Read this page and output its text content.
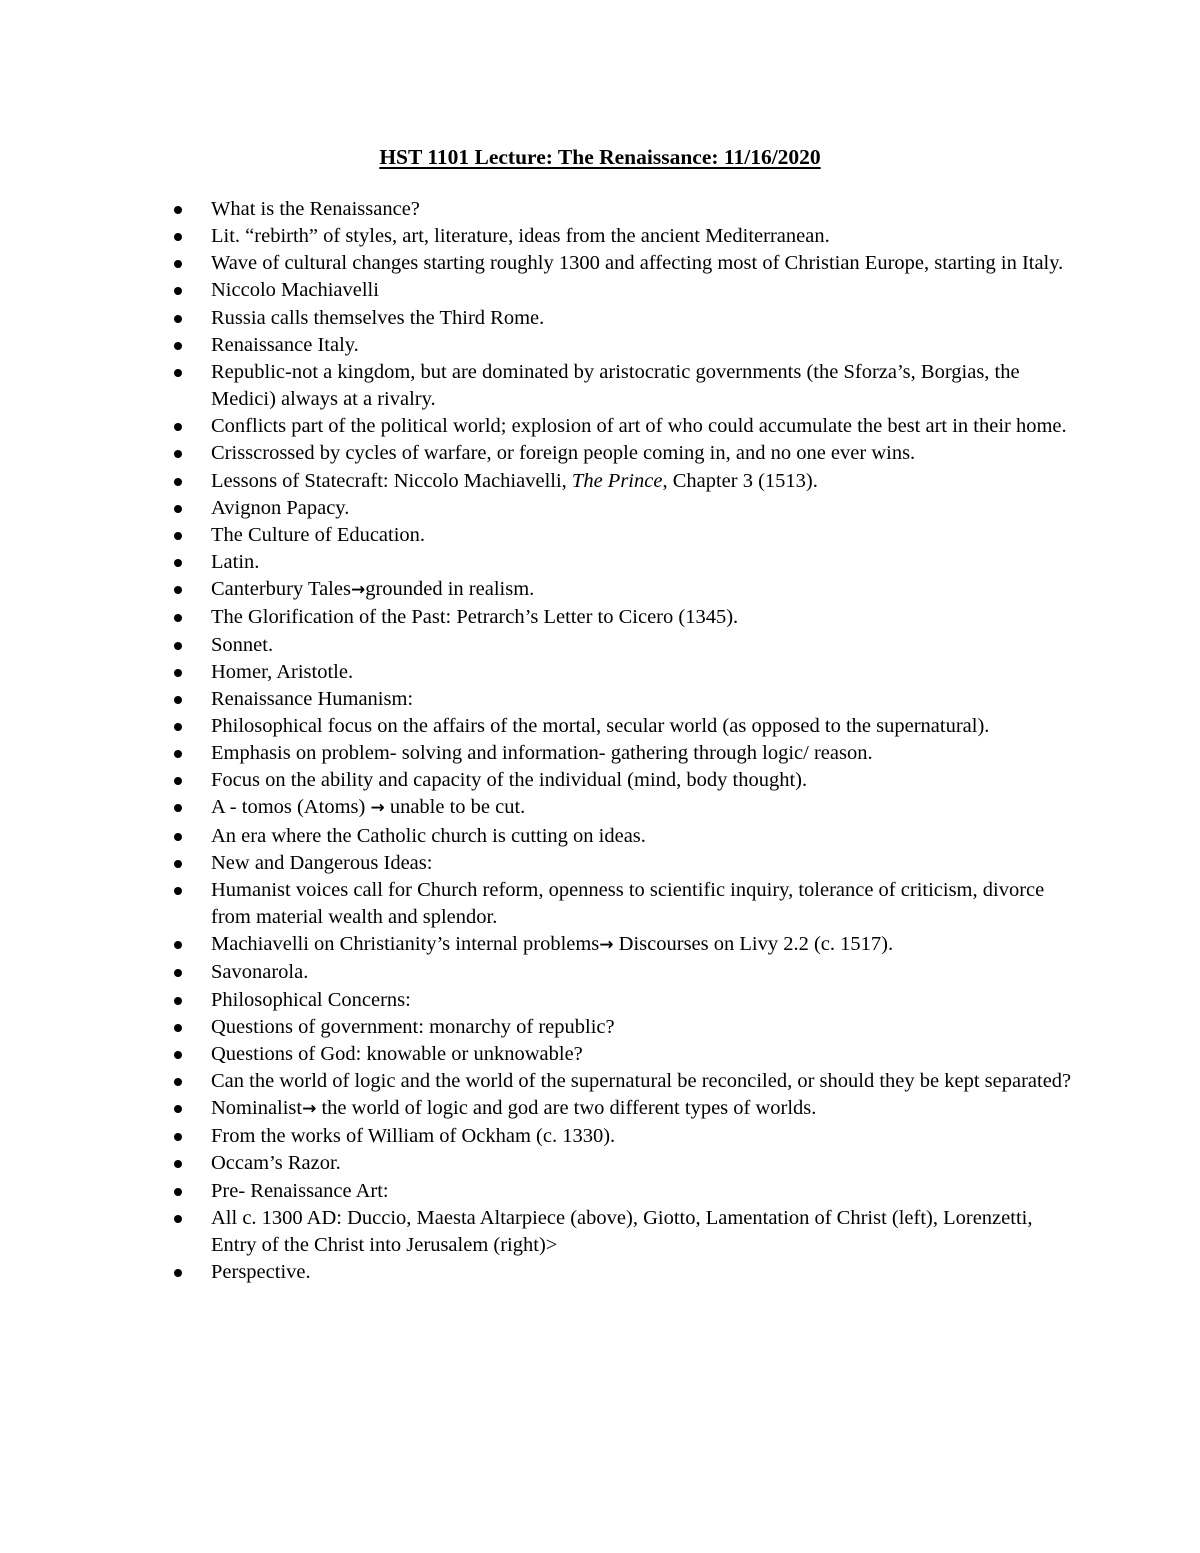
HST 1101 Lecture: The Renaissance: 11/16/2020
What is the Renaissance?
Lit. “rebirth” of styles, art, literature, ideas from the ancient Mediterranean.
Wave of cultural changes starting roughly 1300 and affecting most of Christian Europe, starting in Italy.
Niccolo Machiavelli
Russia calls themselves the Third Rome.
Renaissance Italy.
Republic-not a kingdom, but are dominated by aristocratic governments (the Sforza’s, Borgias, the Medici) always at a rivalry.
Conflicts part of the political world; explosion of art of who could accumulate the best art in their home.
Crisscrossed by cycles of warfare, or foreign people coming in, and no one ever wins.
Lessons of Statecraft: Niccolo Machiavelli, The Prince, Chapter 3 (1513).
Avignon Papacy.
The Culture of Education.
Latin.
Canterbury Tales→grounded in realism.
The Glorification of the Past: Petrarch’s Letter to Cicero (1345).
Sonnet.
Homer, Aristotle.
Renaissance Humanism:
Philosophical focus on the affairs of the mortal, secular world (as opposed to the supernatural).
Emphasis on problem- solving and information- gathering through logic/ reason.
Focus on the ability and capacity of the individual (mind, body thought).
A - tomos (Atoms) → unable to be cut.
An era where the Catholic church is cutting on ideas.
New and Dangerous Ideas:
Humanist voices call for Church reform, openness to scientific inquiry, tolerance of criticism, divorce from material wealth and splendor.
Machiavelli on Christianity’s internal problems→ Discourses on Livy 2.2 (c. 1517).
Savonarola.
Philosophical Concerns:
Questions of government: monarchy of republic?
Questions of God: knowable or unknowable?
Can the world of logic and the world of the supernatural be reconciled, or should they be kept separated?
Nominalist→ the world of logic and god are two different types of worlds.
From the works of William of Ockham (c. 1330).
Occam’s Razor.
Pre- Renaissance Art:
All c. 1300 AD: Duccio, Maesta Altarpiece (above), Giotto, Lamentation of Christ (left), Lorenzetti, Entry of the Christ into Jerusalem (right)>
Perspective.
